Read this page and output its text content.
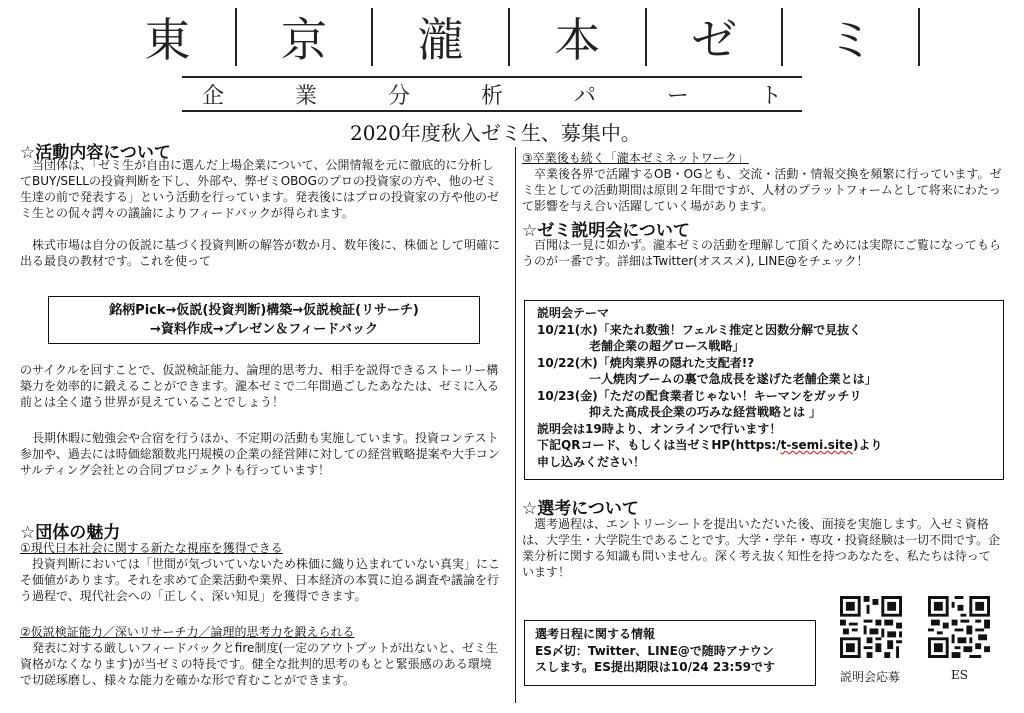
東	京	瀧	本	ゼ	ミ
企	業	分	析	パ	ー	ト
2020年度秋入ゼミ生、募集中。
☆活動内容について
当団体は、「ゼミ生が自由に選んだ上場企業について、公開情報を元に徹底的に分析してBUY/SELLの投資判断を下し、外部や、弊ゼミOBOGのプロの投資家の方や、他のゼミ生達の前で発表する」という活動を行っています。発表後にはプロの投資家の方や他のゼミ生との侃々諤々の議論によりフィードバックが得られます。
株式市場は自分の仮説に基づく投資判断の解答が数か月、数年後に、株価として明確に出る最良の教材です。これを使って
銘柄Pick→仮説(投資判断)構築→仮説検証(リサーチ)
→資料作成→プレゼン＆フィードバック
のサイクルを回すことで、仮説検証能力、論理的思考力、相手を説得できるストーリー構築力を効率的に鍛えることができます。瀧本ゼミで二年間過ごしたあなたは、ゼミに入る前とは全く違う世界が見えていることでしょう！
長期休暇に勉強会や合宿を行うほか、不定期の活動も実施しています。投資コンテスト参加や、過去には時価総額数兆円規模の企業の経営陣に対しての経営戦略提案や大手コンサルティング会社との合同プロジェクトも行っています！
☆団体の魅力
①現代日本社会に関する新たな視座を獲得できる
投資判断においては「世間が気づいていないため株価に織り込まれていない真実」にこそ価値があります。それを求めて企業活動や業界、日本経済の本質に迫る調査や議論を行う過程で、現代社会への「正しく、深い知見」を獲得できます。
②仮説検証能力／深いリサーチ力／論理的思考力を鍛えられる
発表に対する厳しいフィードバックとfire制度(一定のアウトプットが出ないと、ゼミ生資格がなくなります)が当ゼミの特長です。健全な批判的思考のもとと緊張感のある環境で切磋琢磨し、様々な能力を確かな形で育むことができます。
③卒業後も続く「瀧本ゼミネットワーク」
卒業後各界で活躍するOB・OGとも、交流・活動・情報交換を頻繁に行っています。ゼミ生としての活動期間は原則２年間ですが、人材のプラットフォームとして将来にわたって影響を与え合い活躍していく場があります。
☆ゼミ説明会について
百聞は一見に如かず。瀧本ゼミの活動を理解して頂くためには実際にご覧になってもらうのが一番です。詳細はTwitter(オススメ), LINE@をチェック！
説明会テーマ
10/21(水)「来たれ数強！フェルミ推定と因数分解で見抜く
老舗企業の超グロース戦略」
10/22(木)「焼肉業界の隠れた支配者!?
一人焼肉ブームの裏で急成長を遂げた老舗企業とは」
10/23(金)「ただの配食業者じゃない！キーマンをガッチリ
抑えた高成長企業の巧みな経営戦略とは 」
説明会は19時より、オンラインで行います！
下記QRコード、もしくは当ゼミHP(https:/t-semi.site)より
申し込みください！
☆選考について
選考過程は、エントリーシートを提出いただいた後、面接を実施します。入ゼミ資格は、大学生・大学院生であることです。大学・学年・専攻・投資経験は一切不問です。企業分析に関する知識も問いません。深く考え抜く知性を持つあなたを、私たちは待っています！
選考日程に関する情報
ES〆切：Twitter、LINE@で随時アナウン
スします。ES提出期限は10/24 23:59です
説明会応募	ES
